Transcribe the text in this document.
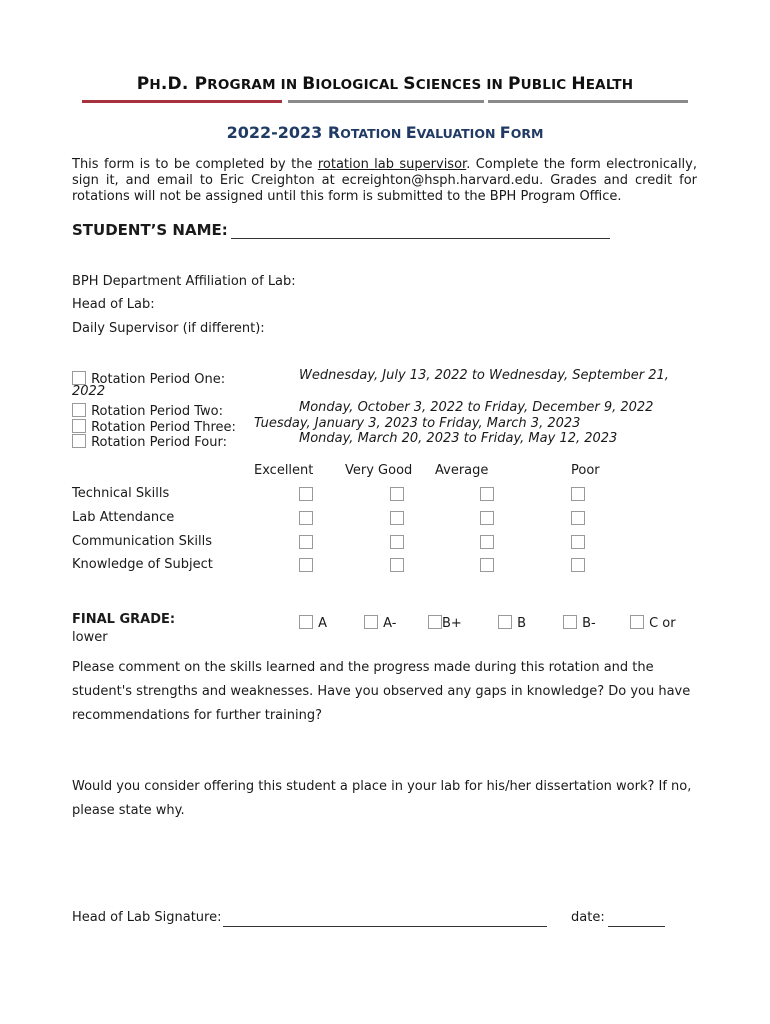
PH.D. PROGRAM IN BIOLOGICAL SCIENCES IN PUBLIC HEALTH
2022-2023 ROTATION EVALUATION FORM
This form is to be completed by the rotation lab supervisor. Complete the form electronically, sign it, and email to Eric Creighton at ecreighton@hsph.harvard.edu. Grades and credit for rotations will not be assigned until this form is submitted to the BPH Program Office.
STUDENT’S NAME:
BPH Department Affiliation of Lab:
Head of Lab:
Daily Supervisor (if different):
Rotation Period One:	Wednesday, July 13, 2022 to Wednesday, September 21,
2022
Rotation Period Two:	Monday, October 3, 2022 to Friday, December 9, 2022
Rotation Period Three: Tuesday, January 3, 2023 to Friday, March 3, 2023
Rotation Period Four:	Monday, March 20, 2023 to Friday, May 12, 2023
Excellent Very Good Average	Poor
Technical Skills
Lab Attendance
Communication Skills
Knowledge of Subject
FINAL GRADE:	A	A-	B+	B	B-	C or
lower
Please comment on the skills learned and the progress made during this rotation and the
student's strengths and weaknesses. Have you observed any gaps in knowledge? Do you have
recommendations for further training?
Would you consider offering this student a place in your lab for his/her dissertation work? If no,
please state why.
Head of Lab Signature:	date:
